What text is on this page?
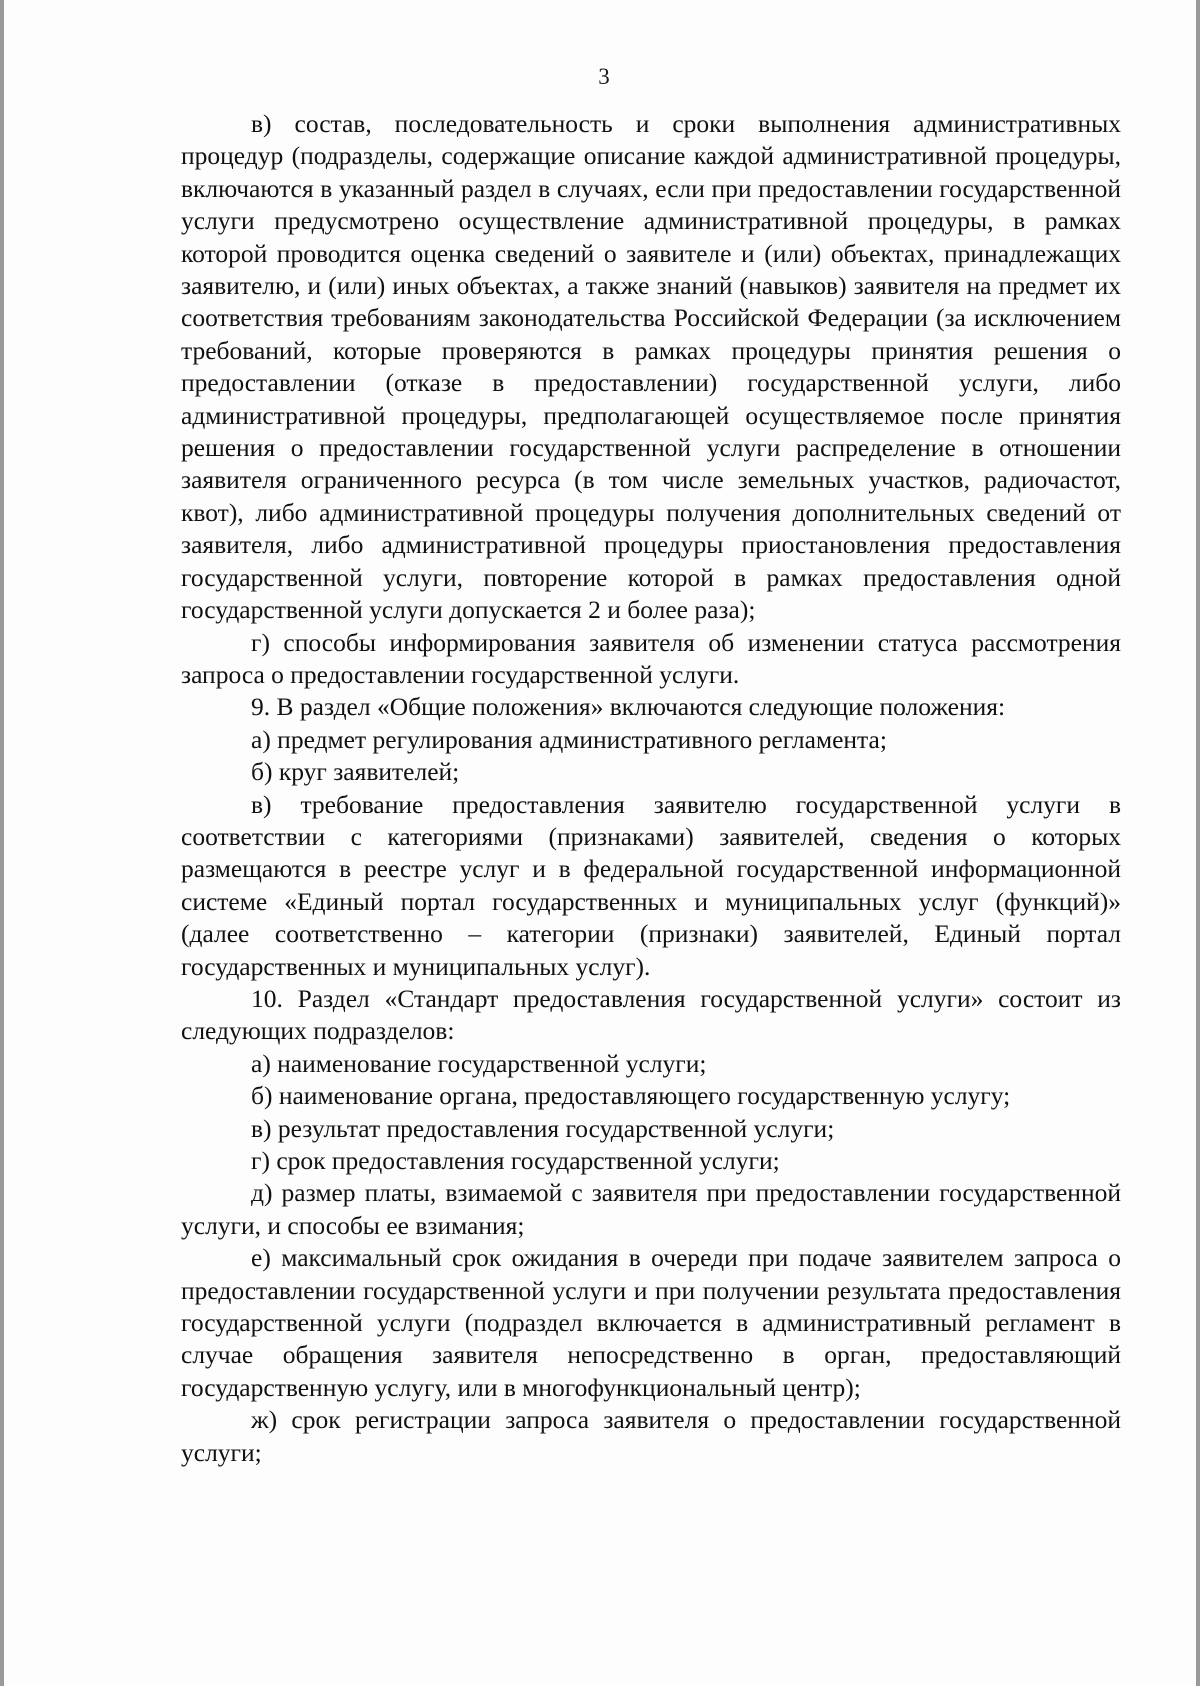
3

в) состав, последовательность и сроки выполнения административных процедур (подразделы, содержащие описание каждой административной процедуры, включаются в указанный раздел в случаях, если при предоставлении государственной услуги предусмотрено осуществление административной процедуры, в рамках которой проводится оценка сведений о заявителе и (или) объектах, принадлежащих заявителю, и (или) иных объектах, а также знаний (навыков) заявителя на предмет их соответствия требованиям законодательства Российской Федерации (за исключением требований, которые проверяются в рамках процедуры принятия решения о предоставлении (отказе в предоставлении) государственной услуги, либо административной процедуры, предполагающей осуществляемое после принятия решения о предоставлении государственной услуги распределение в отношении заявителя ограниченного ресурса (в том числе земельных участков, радиочастот, квот), либо административной процедуры получения дополнительных сведений от заявителя, либо административной процедуры приостановления предоставления государственной услуги, повторение которой в рамках предоставления одной государственной услуги допускается 2 и более раза);

г) способы информирования заявителя об изменении статуса рассмотрения запроса о предоставлении государственной услуги.

9. В раздел «Общие положения» включаются следующие положения:

а) предмет регулирования административного регламента;

б) круг заявителей;

в) требование предоставления заявителю государственной услуги в соответствии с категориями (признаками) заявителей, сведения о которых размещаются в реестре услуг и в федеральной государственной информационной системе «Единый портал государственных и муниципальных услуг (функций)» (далее соответственно – категории (признаки) заявителей, Единый портал государственных и муниципальных услуг).

10. Раздел «Стандарт предоставления государственной услуги» состоит из следующих подразделов:

а) наименование государственной услуги;

б) наименование органа, предоставляющего государственную услугу;

в) результат предоставления государственной услуги;

г) срок предоставления государственной услуги;

д) размер платы, взимаемой с заявителя при предоставлении государственной услуги, и способы ее взимания;

е) максимальный срок ожидания в очереди при подаче заявителем запроса о предоставлении государственной услуги и при получении результата предоставления государственной услуги (подраздел включается в административный регламент в случае обращения заявителя непосредственно в орган, предоставляющий государственную услугу, или в многофункциональный центр);

ж) срок регистрации запроса заявителя о предоставлении государственной услуги;
